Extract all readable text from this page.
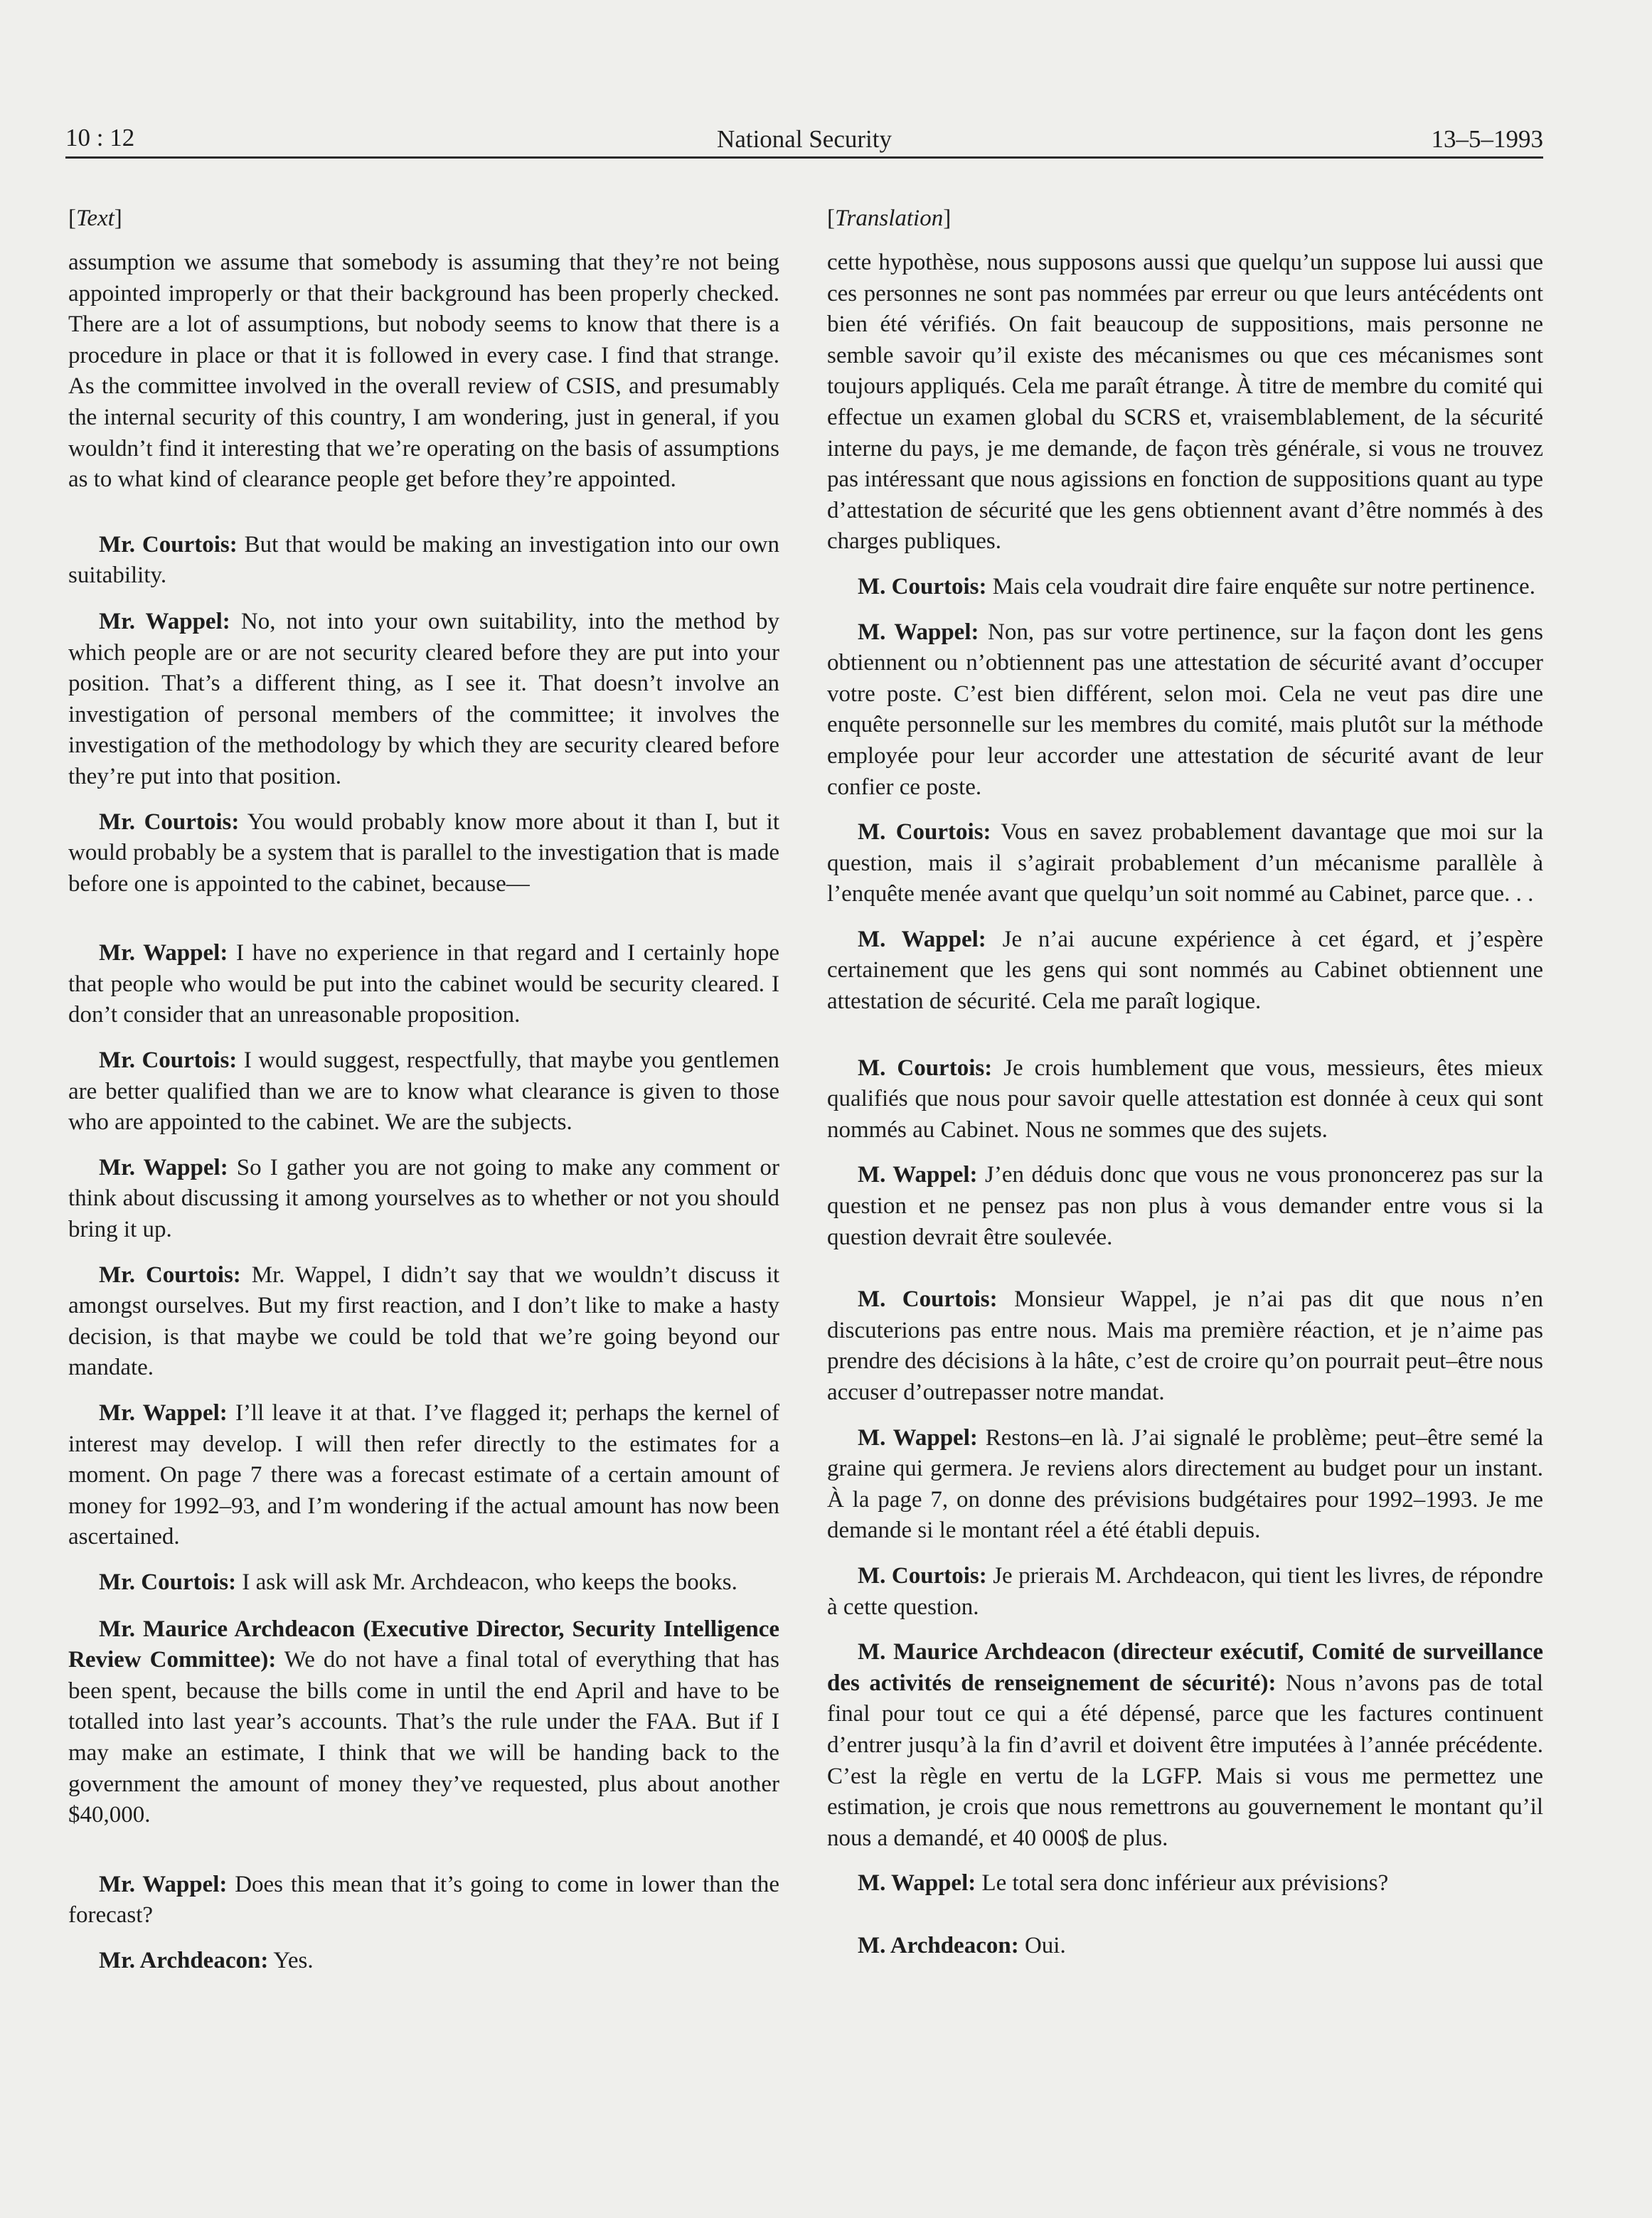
10 : 12	National Security	13–5–1993
[Text]

assumption we assume that somebody is assuming that they’re not being appointed improperly or that their background has been properly checked. There are a lot of assumptions, but nobody seems to know that there is a procedure in place or that it is followed in every case. I find that strange. As the committee involved in the overall review of CSIS, and presumably the internal security of this country, I am wondering, just in general, if you wouldn’t find it interesting that we’re operating on the basis of assumptions as to what kind of clearance people get before they’re appointed.

Mr. Courtois: But that would be making an investigation into our own suitability.

Mr. Wappel: No, not into your own suitability, into the method by which people are or are not security cleared before they are put into your position. That’s a different thing, as I see it. That doesn’t involve an investigation of personal members of the committee; it involves the investigation of the methodology by which they are security cleared before they’re put into that position.

Mr. Courtois: You would probably know more about it than I, but it would probably be a system that is parallel to the investigation that is made before one is appointed to the cabinet, because—

Mr. Wappel: I have no experience in that regard and I certainly hope that people who would be put into the cabinet would be security cleared. I don’t consider that an unreasonable proposition.

Mr. Courtois: I would suggest, respectfully, that maybe you gentlemen are better qualified than we are to know what clearance is given to those who are appointed to the cabinet. We are the subjects.

Mr. Wappel: So I gather you are not going to make any comment or think about discussing it among yourselves as to whether or not you should bring it up.

Mr. Courtois: Mr. Wappel, I didn’t say that we wouldn’t discuss it amongst ourselves. But my first reaction, and I don’t like to make a hasty decision, is that maybe we could be told that we’re going beyond our mandate.

Mr. Wappel: I’ll leave it at that. I’ve flagged it; perhaps the kernel of interest may develop. I will then refer directly to the estimates for a moment. On page 7 there was a forecast estimate of a certain amount of money for 1992–93, and I’m wondering if the actual amount has now been ascertained.

Mr. Courtois: I ask will ask Mr. Archdeacon, who keeps the books.

Mr. Maurice Archdeacon (Executive Director, Security Intelligence Review Committee): We do not have a final total of everything that has been spent, because the bills come in until the end April and have to be totalled into last year’s accounts. That’s the rule under the FAA. But if I may make an estimate, I think that we will be handing back to the government the amount of money they’ve requested, plus about another $40,000.

Mr. Wappel: Does this mean that it’s going to come in lower than the forecast?

Mr. Archdeacon: Yes.

[Translation]

cette hypothèse, nous supposons aussi que quelqu’un suppose lui aussi que ces personnes ne sont pas nommées par erreur ou que leurs antécédents ont bien été vérifiés. On fait beaucoup de suppositions, mais personne ne semble savoir qu’il existe des mécanismes ou que ces mécanismes sont toujours appliqués. Cela me paraît étrange. À titre de membre du comité qui effectue un examen global du SCRS et, vraisemblablement, de la sécurité interne du pays, je me demande, de façon très générale, si vous ne trouvez pas intéressant que nous agissions en fonction de suppositions quant au type d’attestation de sécurité que les gens obtiennent avant d’être nommés à des charges publiques.

M. Courtois: Mais cela voudrait dire faire enquête sur notre pertinence.

M. Wappel: Non, pas sur votre pertinence, sur la façon dont les gens obtiennent ou n’obtiennent pas une attestation de sécurité avant d’occuper votre poste. C’est bien différent, selon moi. Cela ne veut pas dire une enquête personnelle sur les membres du comité, mais plutôt sur la méthode employée pour leur accorder une attestation de sécurité avant de leur confier ce poste.

M. Courtois: Vous en savez probablement davantage que moi sur la question, mais il s’agirait probablement d’un mécanisme parallèle à l’enquête menée avant que quelqu’un soit nommé au Cabinet, parce que. . .

M. Wappel: Je n’ai aucune expérience à cet égard, et j’espère certainement que les gens qui sont nommés au Cabinet obtiennent une attestation de sécurité. Cela me paraît logique.

M. Courtois: Je crois humblement que vous, messieurs, êtes mieux qualifiés que nous pour savoir quelle attestation est donnée à ceux qui sont nommés au Cabinet. Nous ne sommes que des sujets.

M. Wappel: J’en déduis donc que vous ne vous prononcerez pas sur la question et ne pensez pas non plus à vous demander entre vous si la question devrait être soulevée.

M. Courtois: Monsieur Wappel, je n’ai pas dit que nous n’en discuterions pas entre nous. Mais ma première réaction, et je n’aime pas prendre des décisions à la hâte, c’est de croire qu’on pourrait peut–être nous accuser d’outrepasser notre mandat.

M. Wappel: Restons–en là. J’ai signalé le problème; peut–être semé la graine qui germera. Je reviens alors directement au budget pour un instant. À la page 7, on donne des prévisions budgétaires pour 1992–1993. Je me demande si le montant réel a été établi depuis.

M. Courtois: Je prierais M. Archdeacon, qui tient les livres, de répondre à cette question.

M. Maurice Archdeacon (directeur exécutif, Comité de surveillance des activités de renseignement de sécurité): Nous n’avons pas de total final pour tout ce qui a été dépensé, parce que les factures continuent d’entrer jusqu’à la fin d’avril et doivent être imputées à l’année précédente. C’est la règle en vertu de la LGFP. Mais si vous me permettez une estimation, je crois que nous remettrons au gouvernement le montant qu’il nous a demandé, et 40 000$ de plus.

M. Wappel: Le total sera donc inférieur aux prévisions?

M. Archdeacon: Oui.
